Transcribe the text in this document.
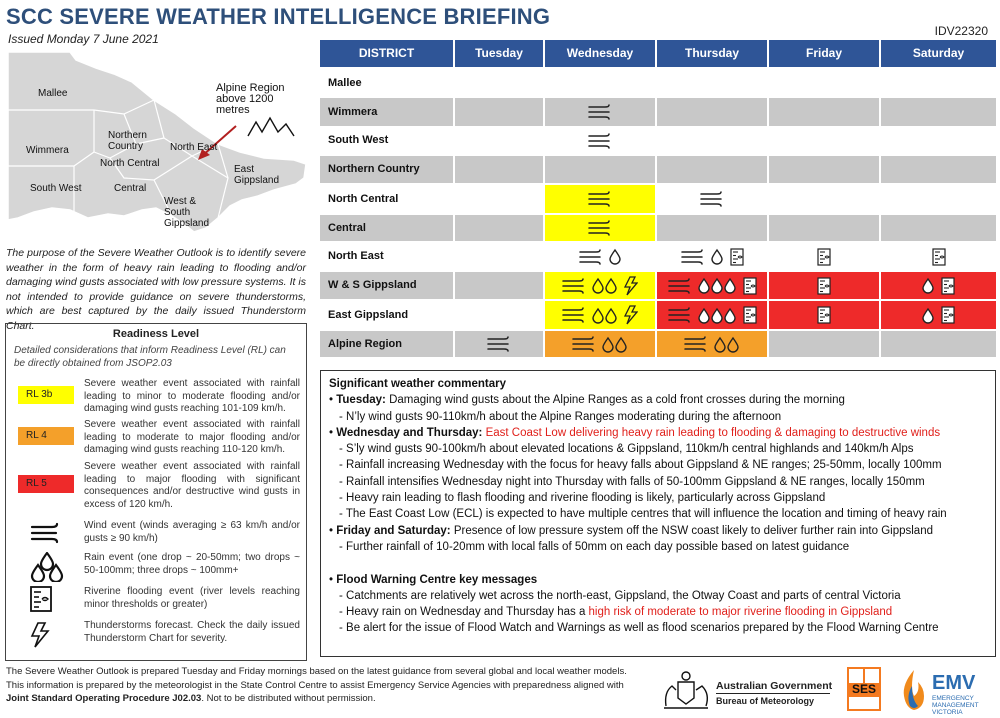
SCC SEVERE WEATHER INTELLIGENCE BRIEFING
Issued Monday 7 June 2021
IDV22320
Mallee
Wimmera
Northern Country
North Central
North East
South West	Central
East Gippsland
West & South Gippsland
Alpine Region above 1200 metres
The purpose of the Severe Weather Outlook is to identify severe weather in the form of heavy rain leading to flooding and/or damaging wind gusts associated with low pressure systems. It is not intended to provide guidance on severe thunderstorms, which are best captured by the daily issued Thunderstorm Chart.
Readiness Level
Detailed considerations that inform Readiness Level (RL) can be directly obtained from JSOP2.03
RL 3b
Severe weather event associated with rainfall leading to minor to moderate flooding and/or damaging wind gusts reaching 101-109 km/h.
RL 4
Severe weather event associated with rainfall leading to moderate to major flooding and/or damaging wind gusts reaching 110-120 km/h.
RL 5
Severe weather event associated with rainfall leading to major flooding with significant consequences and/or destructive wind gusts in excess of 120 km/h.
Wind event (winds averaging ≥ 63 km/h and/or gusts ≥ 90 km/h)
Rain event (one drop ~ 20-50mm; two drops ~ 50-100mm; three drops ~ 100mm+
Riverine flooding event (river levels reaching minor thresholds or greater)
Thunderstorms forecast. Check the daily issued Thunderstorm Chart for severity.
DISTRICT	Tuesday	Wednesday	Thursday	Friday	Saturday
Mallee
Wimmera
South West
Northern Country
North Central
Central
North East
W & S Gippsland
East Gippsland
Alpine Region
Significant weather commentary
• Tuesday: Damaging wind gusts about the Alpine Ranges as a cold front crosses during the morning
- N’ly wind gusts 90-110km/h about the Alpine Ranges moderating during the afternoon
• Wednesday and Thursday: East Coast Low delivering heavy rain leading to flooding & damaging to destructive winds
- S’ly wind gusts 90-100km/h about elevated locations & Gippsland, 110km/h central highlands and 140km/h Alps
- Rainfall increasing Wednesday with the focus for heavy falls about Gippsland & NE ranges; 25-50mm, locally 100mm
- Rainfall intensifies Wednesday night into Thursday with falls of 50-100mm Gippsland & NE ranges, locally 150mm
- Heavy rain leading to flash flooding and riverine flooding is likely, particularly across Gippsland
- The East Coast Low (ECL) is expected to have multiple centres that will influence the location and timing of heavy rain
• Friday and Saturday: Presence of low pressure system off the NSW coast likely to deliver further rain into Gippsland
- Further rainfall of 10-20mm with local falls of 50mm on each day possible based on latest guidance

• Flood Warning Centre key messages
- Catchments are relatively wet across the north-east, Gippsland, the Otway Coast and parts of central Victoria
- Heavy rain on Wednesday and Thursday has a high risk of moderate to major riverine flooding in Gippsland
- Be alert for the issue of Flood Watch and Warnings as well as flood scenarios prepared by the Flood Warning Centre
The Severe Weather Outlook is prepared Tuesday and Friday mornings based on the latest guidance from several global and local weather models. This information is prepared by the meteorologist in the State Control Centre to assist Emergency Service Agencies with preparedness aligned with Joint Standard Operating Procedure J02.03. Not to be distributed without permission.
Australian Government
Bureau of Meteorology
SES	EMV
EMERGENCY MANAGEMENT VICTORIA
